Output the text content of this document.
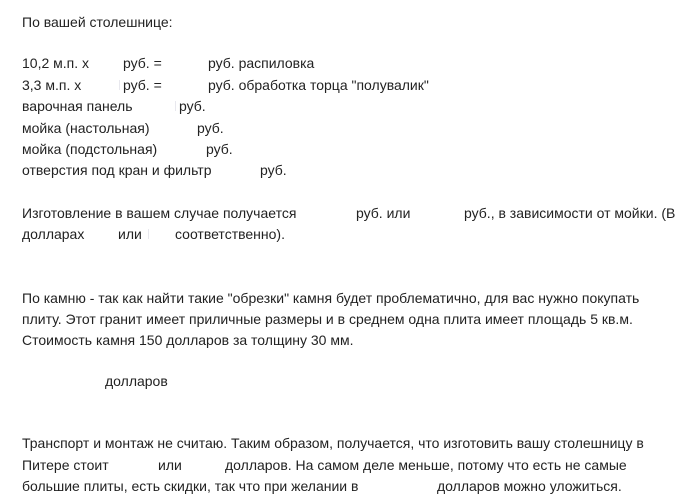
По вашей столешнице:
10,2 м.п. x руб. =	руб. распиловка
3,3 м.п. x	руб. =	руб. обработка торца "полувалик"
варочная панель	руб.
мойка (настольная)	руб.
мойка (подстольная)	руб.
отверстия под кран и фильтр	руб.
Изготовление в вашем случае получается	руб. или	руб., в зависимости от мойки. (В
долларах или соответственно).
По камню - так как найти такие "обрезки" камня будет проблематично, для вас нужно покупать
плиту. Этот гранит имеет приличные размеры и в среднем одна плита имеет площадь 5 кв.м.
Стоимость камня 150 долларов за толщину 30 мм.
долларов
Транспорт и монтаж не считаю. Таким образом, получается, что изготовить вашу столешницу в
Питере стоит	или	долларов. На самом деле меньше, потому что есть не самые
большие плиты, есть скидки, так что при желании в	долларов можно уложиться.
